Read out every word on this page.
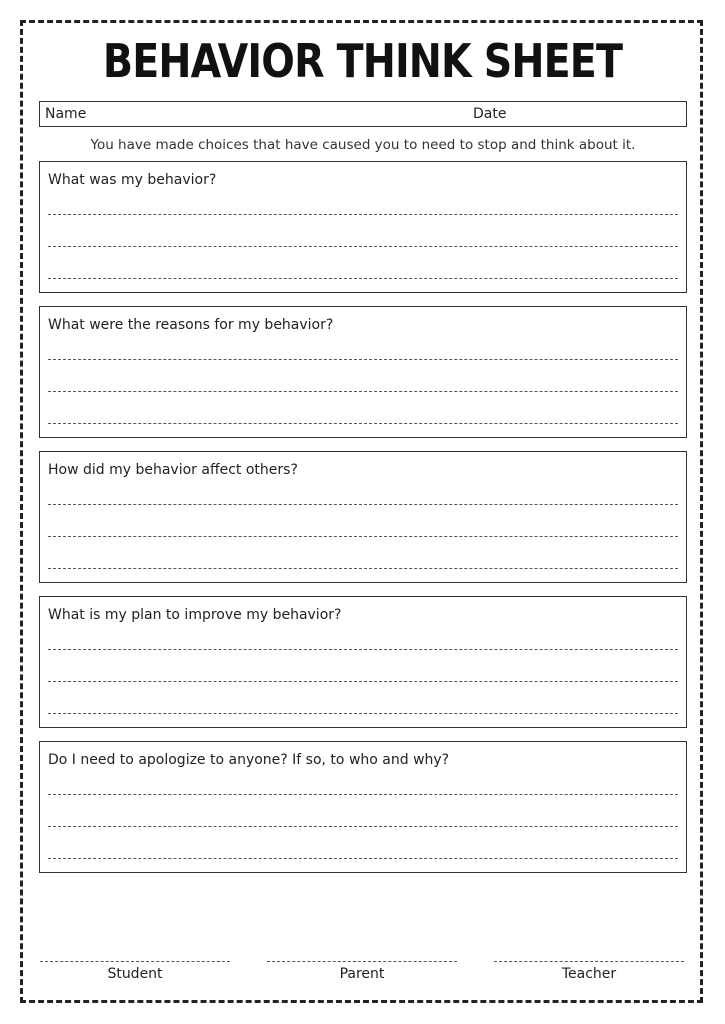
BEHAVIOR THINK SHEET
Name	Date
You have made choices that have caused you to need to stop and think about it.
What was my behavior?
What were the reasons for my behavior?
How did my behavior affect others?
What is my plan to improve my behavior?
Do I need to apologize to anyone? If so, to who and why?
Student	Parent	Teacher
